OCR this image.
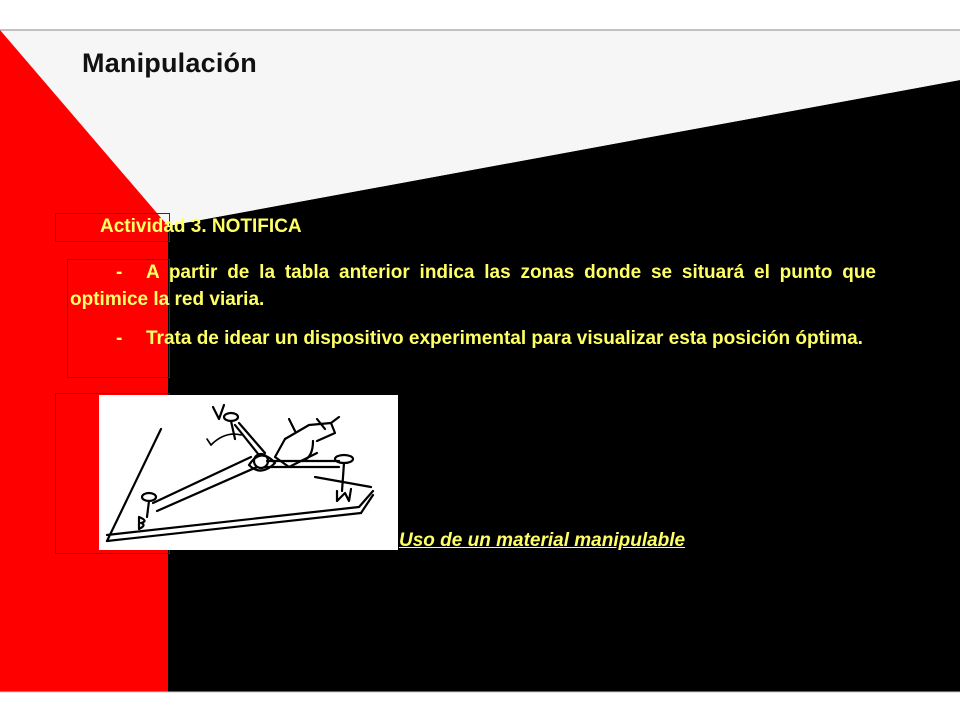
Manipulación
Actividad 3. NOTIFICA
- A partir de la tabla anterior indica las zonas donde se situará el punto que optimice la red viaria.
- Trata de idear un dispositivo experimental para visualizar esta posición óptima.
Uso de un material manipulable
